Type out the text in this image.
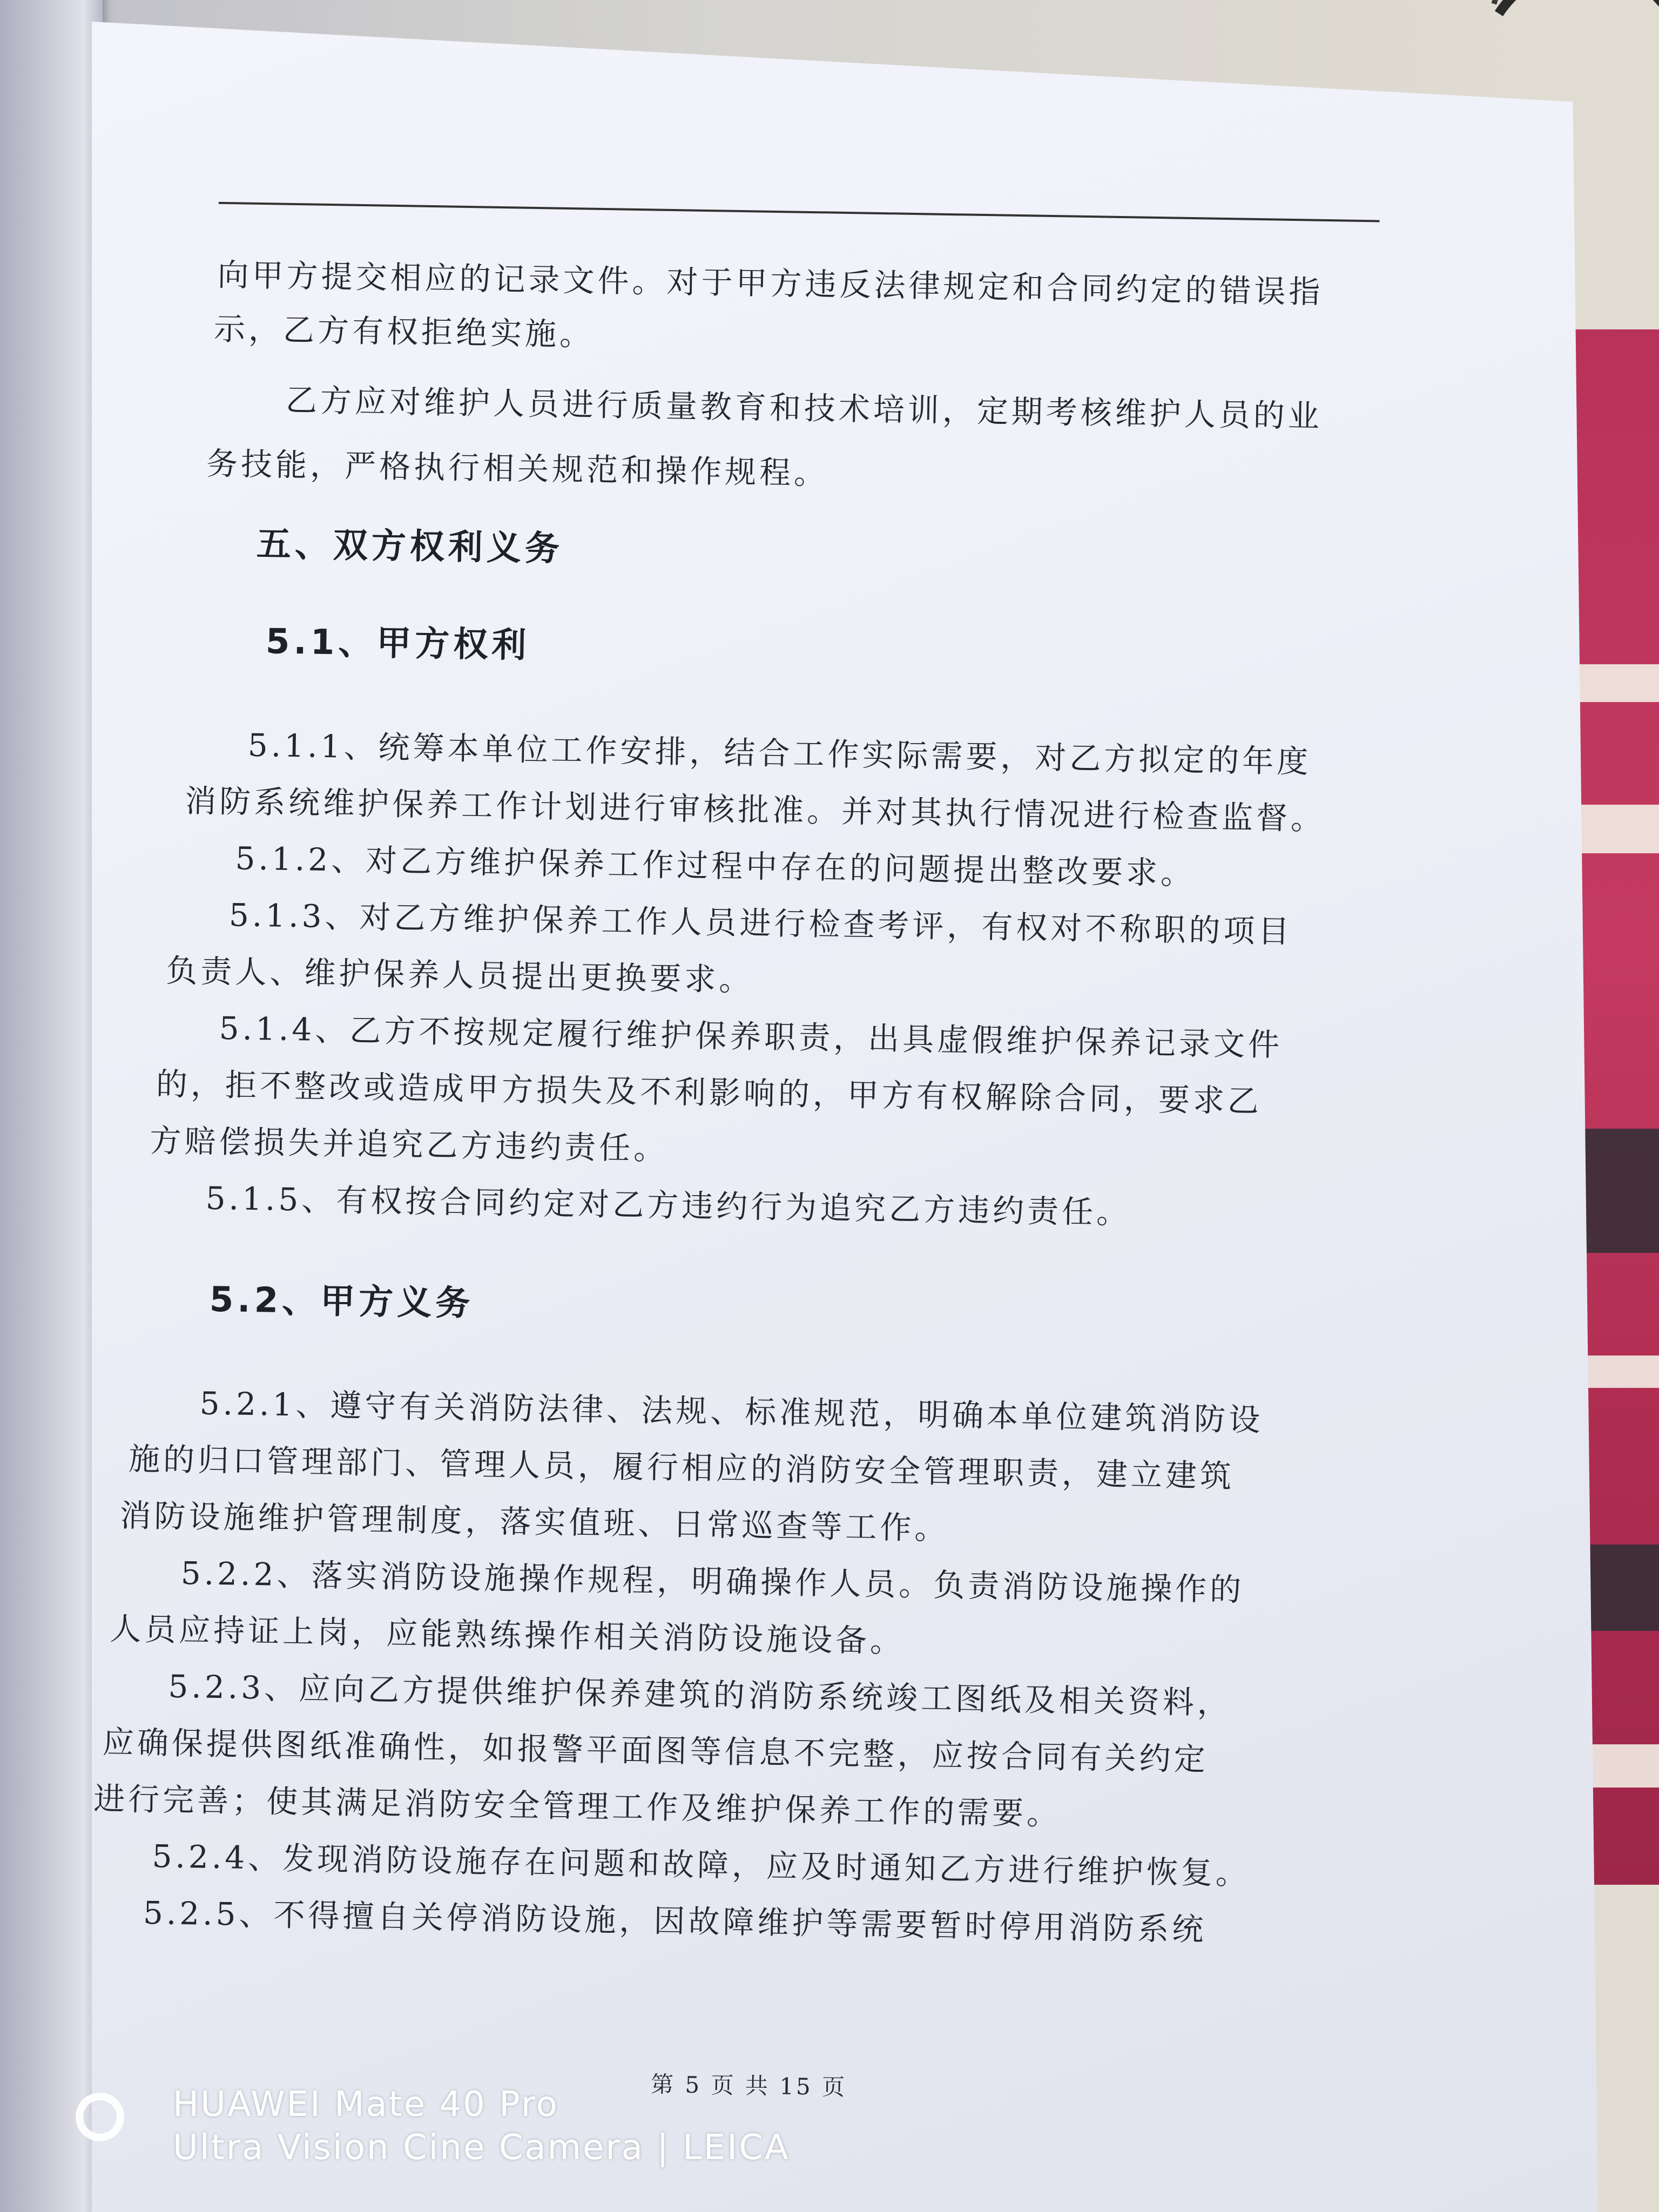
向甲方提交相应的记录文件。对于甲方违反法律规定和合同约定的错误指
示，乙方有权拒绝实施。
乙方应对维护人员进行质量教育和技术培训，定期考核维护人员的业
务技能，严格执行相关规范和操作规程。
五、双方权利义务
5.1、甲方权利
5.1.1、统筹本单位工作安排，结合工作实际需要，对乙方拟定的年度
消防系统维护保养工作计划进行审核批准。并对其执行情况进行检查监督。
5.1.2、对乙方维护保养工作过程中存在的问题提出整改要求。
5.1.3、对乙方维护保养工作人员进行检查考评，有权对不称职的项目
负责人、维护保养人员提出更换要求。
5.1.4、乙方不按规定履行维护保养职责，出具虚假维护保养记录文件
的，拒不整改或造成甲方损失及不利影响的，甲方有权解除合同，要求乙
方赔偿损失并追究乙方违约责任。
5.1.5、有权按合同约定对乙方违约行为追究乙方违约责任。
5.2、甲方义务
5.2.1、遵守有关消防法律、法规、标准规范，明确本单位建筑消防设
施的归口管理部门、管理人员，履行相应的消防安全管理职责，建立建筑
消防设施维护管理制度，落实值班、日常巡查等工作。
5.2.2、落实消防设施操作规程，明确操作人员。负责消防设施操作的
人员应持证上岗，应能熟练操作相关消防设施设备。
5.2.3、应向乙方提供维护保养建筑的消防系统竣工图纸及相关资料，
应确保提供图纸准确性，如报警平面图等信息不完整，应按合同有关约定
进行完善；使其满足消防安全管理工作及维护保养工作的需要。
5.2.4、发现消防设施存在问题和故障，应及时通知乙方进行维护恢复。
5.2.5、不得擅自关停消防设施，因故障维护等需要暂时停用消防系统
第 5 页 共 15 页
HUAWEI Mate 40 Pro
Ultra Vision Cine Camera | LEICA
